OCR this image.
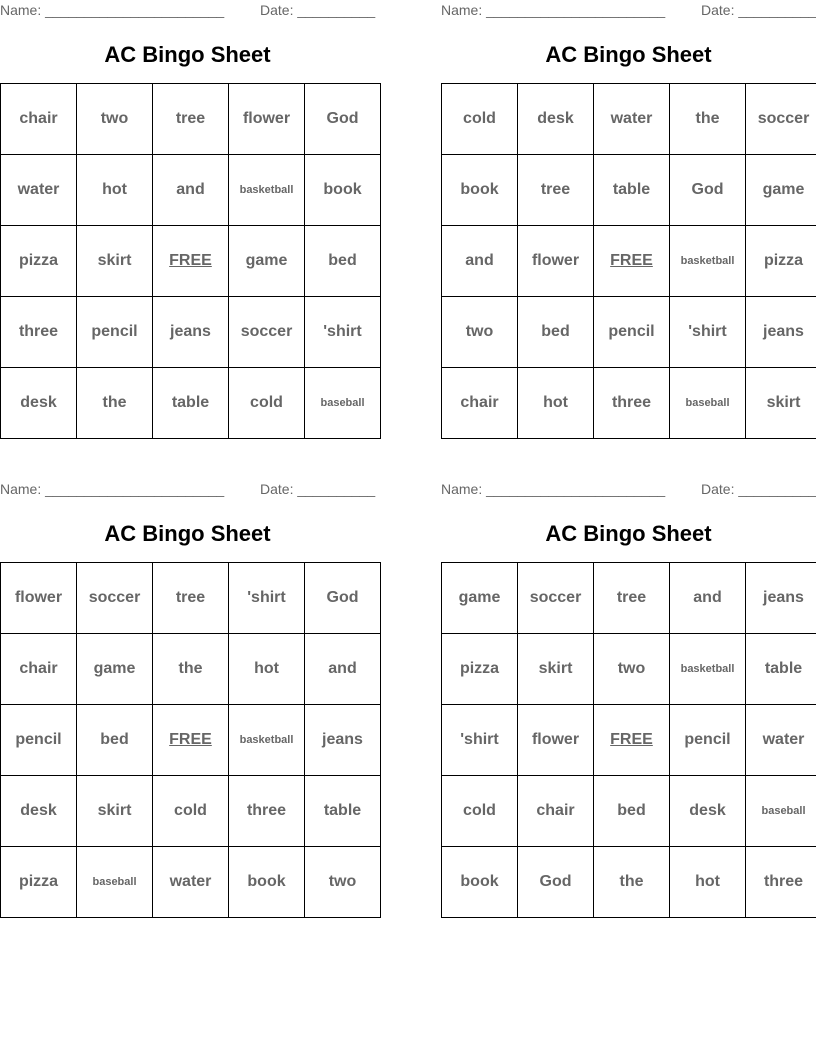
Name: _______________________	Date: __________
AC Bingo Sheet
chair	two	tree	flower	God
water	hot	and	basketball	book
pizza	skirt	FREE	game	bed
three	pencil	jeans	soccer	'shirt
desk	the	table	cold	baseball
Name: _______________________	Date: __________
AC Bingo Sheet
cold	desk	water	the	soccer
book	tree	table	God	game
and	flower	FREE	basketball	pizza
two	bed	pencil	'shirt	jeans
chair	hot	three	baseball	skirt
Name: _______________________	Date: __________
AC Bingo Sheet
flower	soccer	tree	'shirt	God
chair	game	the	hot	and
pencil	bed	FREE	basketball	jeans
desk	skirt	cold	three	table
pizza	baseball	water	book	two
Name: _______________________	Date: __________
AC Bingo Sheet
game	soccer	tree	and	jeans
pizza	skirt	two	basketball	table
'shirt	flower	FREE	pencil	water
cold	chair	bed	desk	baseball
book	God	the	hot	three
